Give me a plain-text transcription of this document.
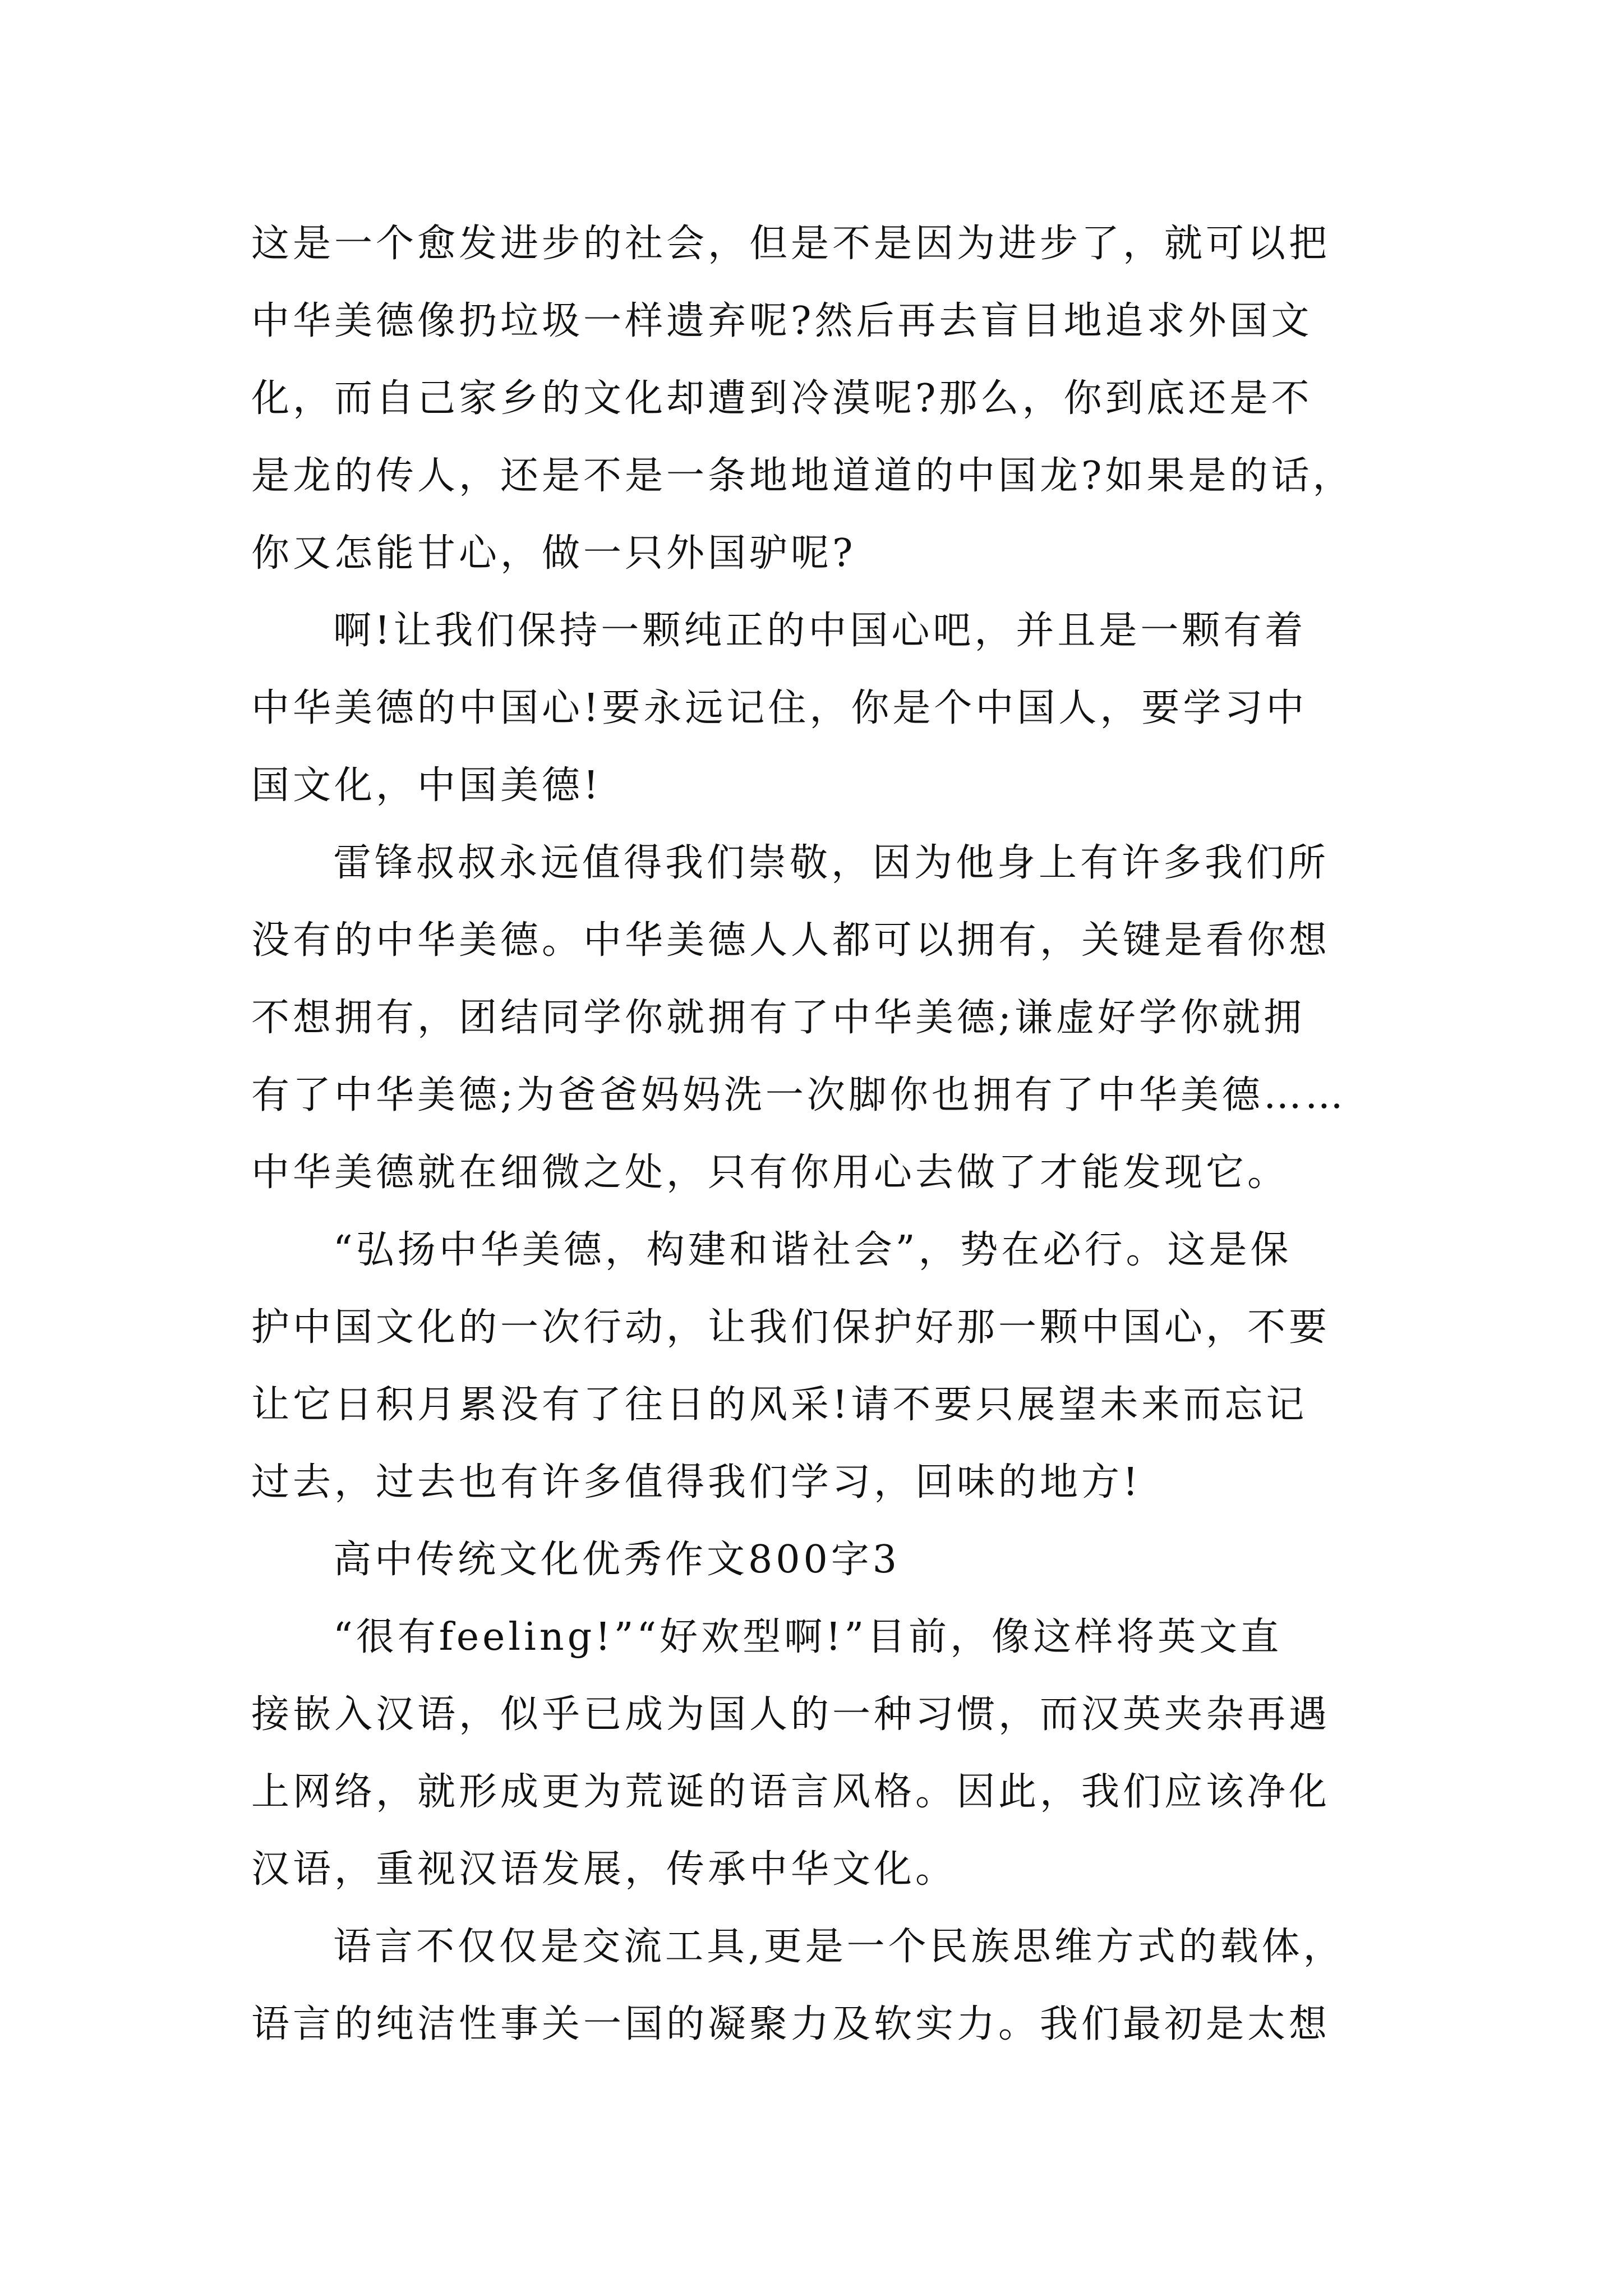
这是一个愈发进步的社会，但是不是因为进步了，就可以把
中华美德像扔垃圾一样遗弃呢?然后再去盲目地追求外国文
化，而自己家乡的文化却遭到冷漠呢?那么，你到底还是不
是龙的传人，还是不是一条地地道道的中国龙?如果是的话，
你又怎能甘心，做一只外国驴呢?
啊!让我们保持一颗纯正的中国心吧，并且是一颗有着
中华美德的中国心!要永远记住，你是个中国人，要学习中
国文化，中国美德!
雷锋叔叔永远值得我们崇敬，因为他身上有许多我们所
没有的中华美德。中华美德人人都可以拥有，关键是看你想
不想拥有，团结同学你就拥有了中华美德;谦虚好学你就拥
有了中华美德;为爸爸妈妈洗一次脚你也拥有了中华美德……
中华美德就在细微之处，只有你用心去做了才能发现它。
“弘扬中华美德，构建和谐社会”，势在必行。这是保
护中国文化的一次行动，让我们保护好那一颗中国心，不要
让它日积月累没有了往日的风采!请不要只展望未来而忘记
过去，过去也有许多值得我们学习，回味的地方!
高中传统文化优秀作文800字3
“很有feeling!”“好欢型啊!”目前，像这样将英文直
接嵌入汉语，似乎已成为国人的一种习惯，而汉英夹杂再遇
上网络，就形成更为荒诞的语言风格。因此，我们应该净化
汉语，重视汉语发展，传承中华文化。
语言不仅仅是交流工具,更是一个民族思维方式的载体，
语言的纯洁性事关一国的凝聚力及软实力。我们最初是太想
